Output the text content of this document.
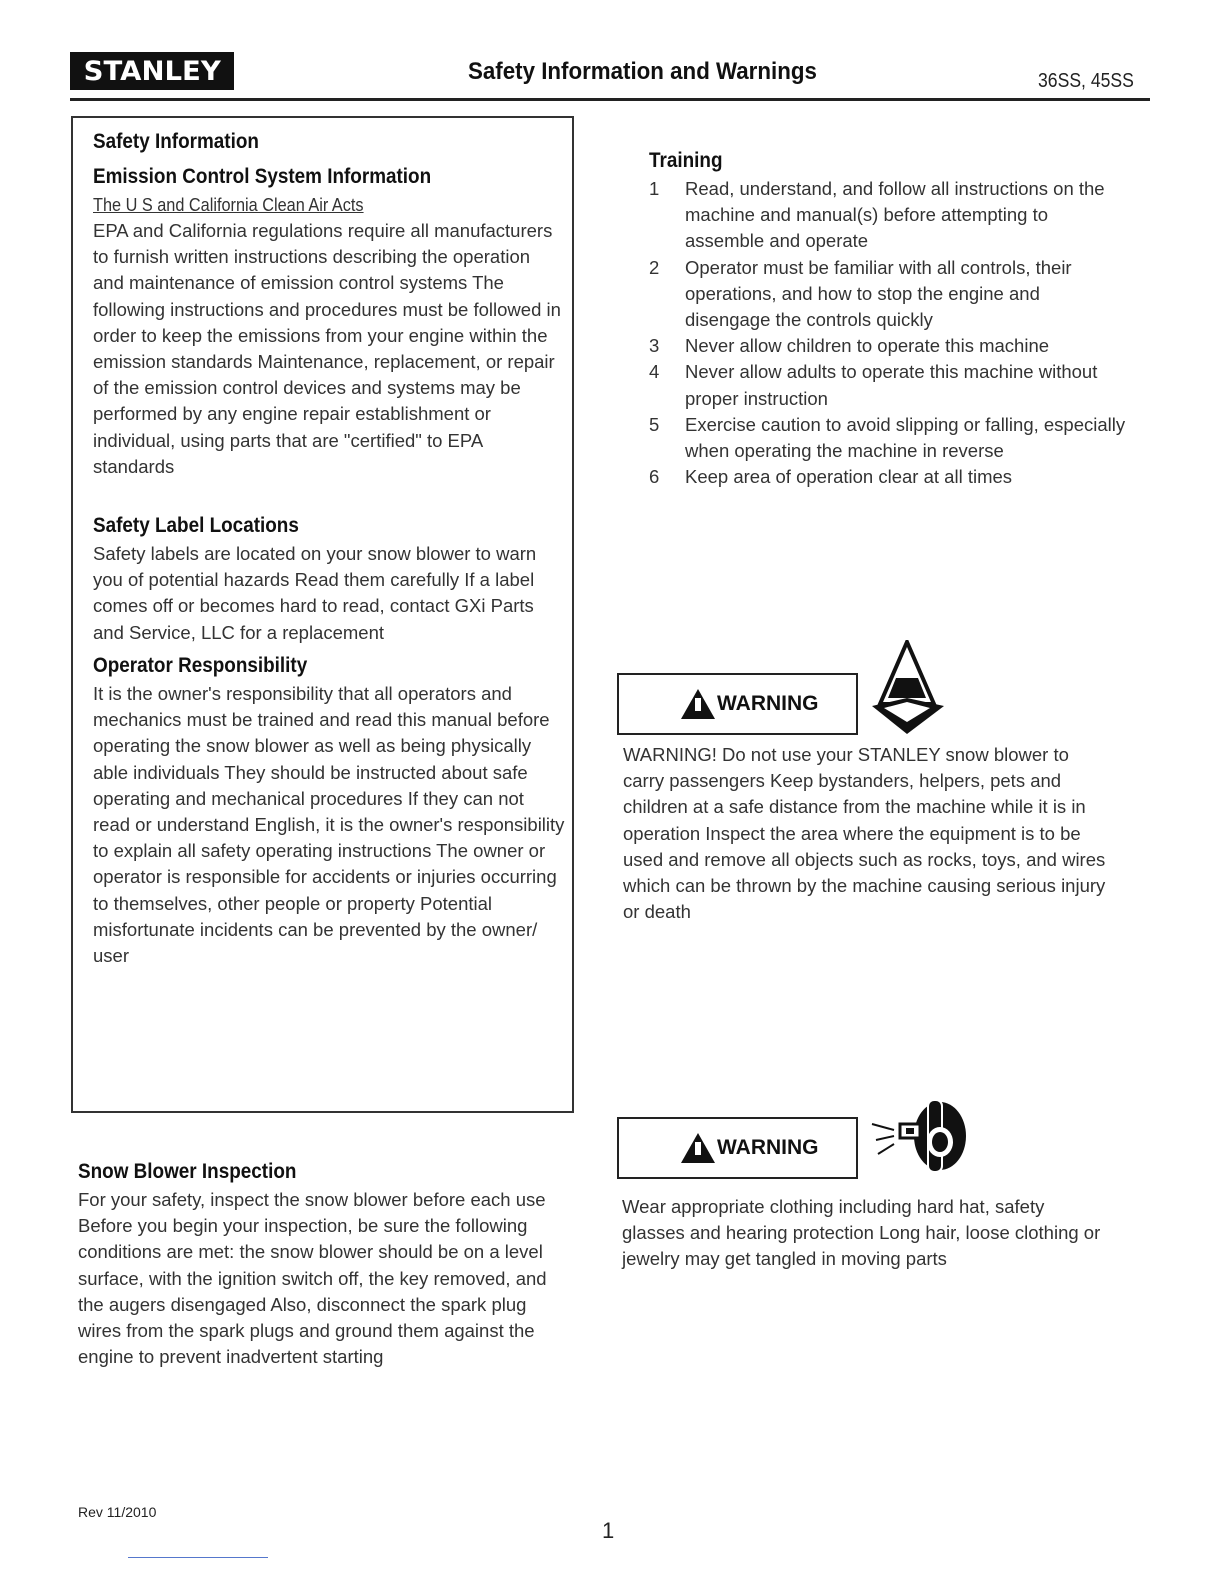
STANLEY	Safety Information and Warnings	36SS, 45SS
Safety Information
Emission Control System Information
The U S and California Clean Air Acts

EPA and California regulations require all manufacturers to furnish written instructions describing the operation and maintenance of emission control systems The following instructions and procedures must be followed in order to keep the emissions from your engine within the emission standards Maintenance, replacement, or repair of the emission control devices and systems may be performed by any engine repair establishment or individual, using parts that are "certified" to EPA standards

Safety Label Locations

Safety labels are located on your snow blower to warn you of potential hazards Read them carefully If a label comes off or becomes hard to read, contact GXi Parts and Service, LLC for a replacement

Operator Responsibility

It is the owner's responsibility that all operators and mechanics must be trained and read this manual before operating the snow blower as well as being physically able individuals They should be instructed about safe operating and mechanical procedures If they can not read or understand English, it is the owner's responsibility to explain all safety operating instructions The owner or operator is responsible for accidents or injuries occurring to themselves, other people or property Potential misfortunate incidents can be prevented by the owner/ user

Snow Blower Inspection

For your safety, inspect the snow blower before each use Before you begin your inspection, be sure the following conditions are met: the snow blower should be on a level surface, with the ignition switch off, the key removed, and the augers disengaged Also, disconnect the spark plug wires from the spark plugs and ground them against the engine to prevent inadvertent starting

Training
1	Read, understand, and follow all instructions on the machine and manual(s) before attempting to assemble and operate
2	Operator must be familiar with all controls, their operations, and how to stop the engine and disengage the controls quickly
3	Never allow children to operate this machine
4	Never allow adults to operate this machine without proper instruction
5	Exercise caution to avoid slipping or falling, especially when operating the machine in reverse
6	Keep area of operation clear at all times
WARNING

WARNING! Do not use your STANLEY snow blower to carry passengers Keep bystanders, helpers, pets and children at a safe distance from the machine while it is in operation Inspect the area where the equipment is to be used and remove all objects such as rocks, toys, and wires which can be thrown by the machine causing serious injury or death

WARNING

Wear appropriate clothing including hard hat, safety glasses and hearing protection Long hair, loose clothing or jewelry may get tangled in moving parts

Rev 11/2010
1
